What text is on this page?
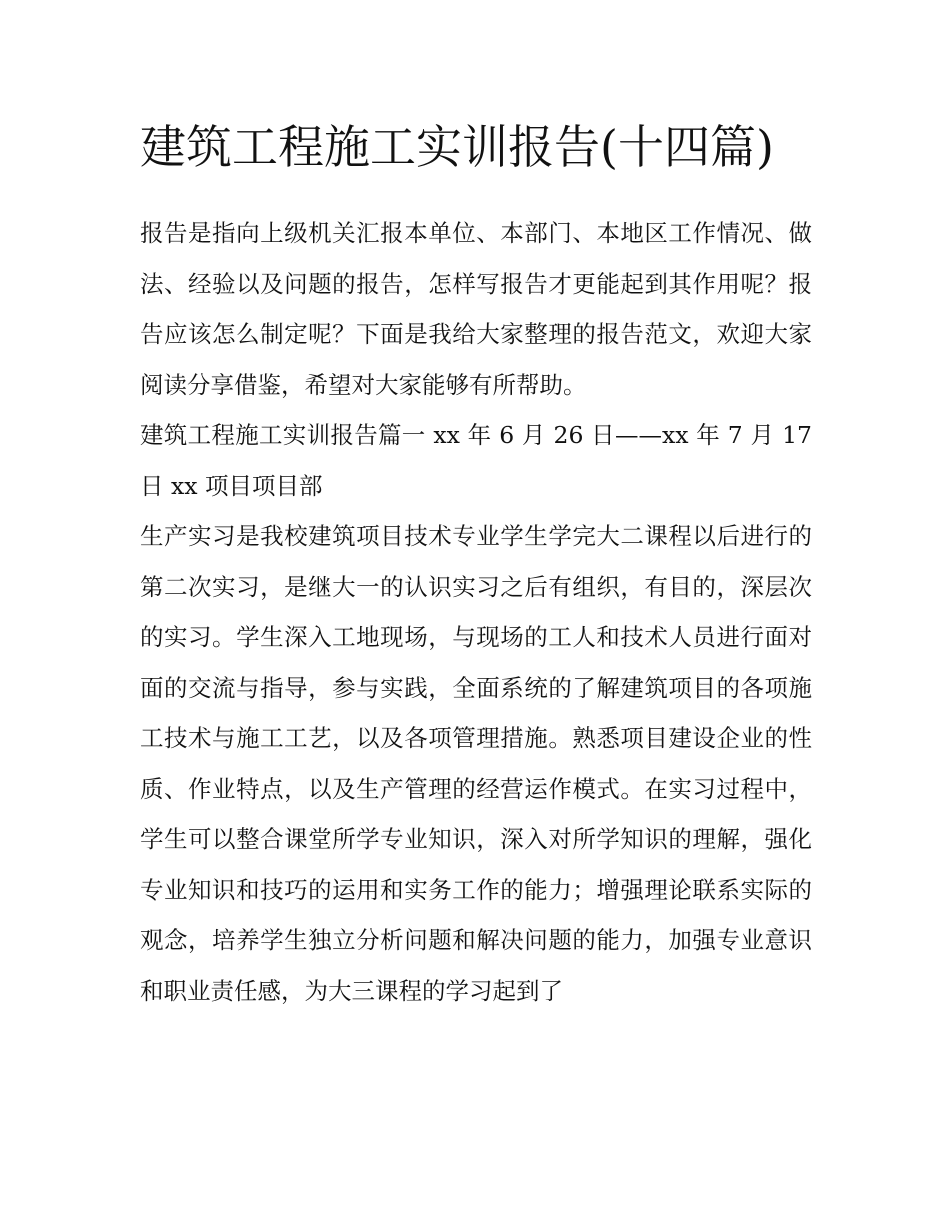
建筑工程施工实训报告(十四篇)

报告是指向上级机关汇报本单位、本部门、本地区工作情况、做法、经验以及问题的报告，怎样写报告才更能起到其作用呢？报告应该怎么制定呢？下面是我给大家整理的报告范文，欢迎大家阅读分享借鉴，希望对大家能够有所帮助。

建筑工程施工实训报告篇一 xx 年 6 月 26 日——xx 年 7 月 17 日 xx 项目项目部

生产实习是我校建筑项目技术专业学生学完大二课程以后进行的第二次实习，是继大一的认识实习之后有组织，有目的，深层次的实习。学生深入工地现场，与现场的工人和技术人员进行面对面的交流与指导，参与实践，全面系统的了解建筑项目的各项施工技术与施工工艺，以及各项管理措施。熟悉项目建设企业的性质、作业特点，以及生产管理的经营运作模式。在实习过程中，学生可以整合课堂所学专业知识，深入对所学知识的理解，强化专业知识和技巧的运用和实务工作的能力；增强理论联系实际的观念，培养学生独立分析问题和解决问题的能力，加强专业意识和职业责任感，为大三课程的学习起到了
